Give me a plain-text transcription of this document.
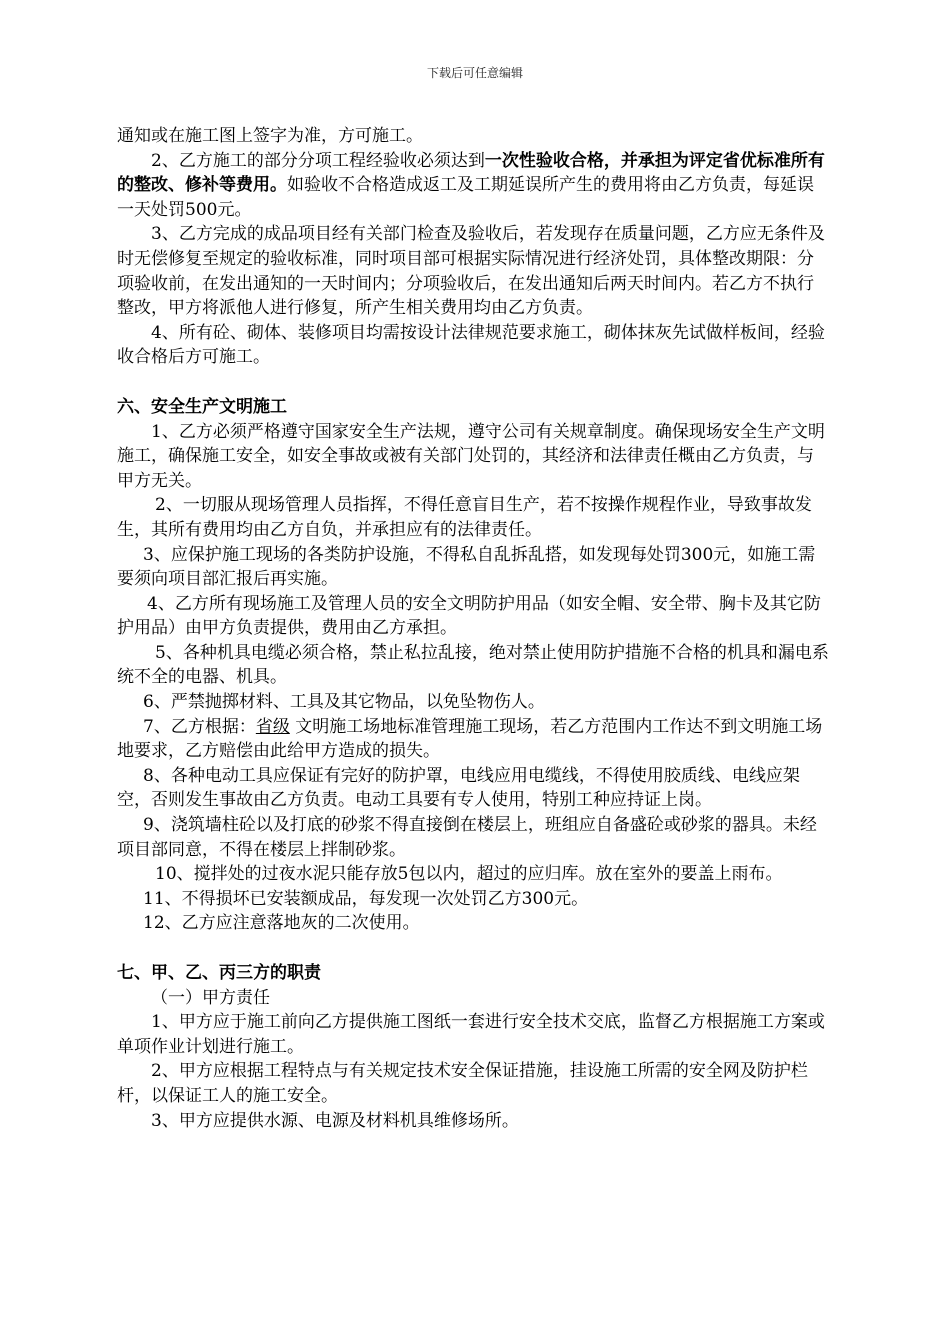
下载后可任意编辑

通知或在施工图上签字为准，方可施工。

2、乙方施工的部分分项工程经验收必须达到一次性验收合格，并承担为评定省优标准所有的整改、修补等费用。如验收不合格造成返工及工期延误所产生的费用将由乙方负责，每延误一天处罚500元。

3、乙方完成的成品项目经有关部门检查及验收后，若发现存在质量问题，乙方应无条件及时无偿修复至规定的验收标准，同时项目部可根据实际情况进行经济处罚，具体整改期限：分项验收前，在发出通知的一天时间内；分项验收后，在发出通知后两天时间内。若乙方不执行整改，甲方将派他人进行修复，所产生相关费用均由乙方负责。

4、所有砼、砌体、装修项目均需按设计法律规范要求施工，砌体抹灰先试做样板间，经验收合格后方可施工。

六、安全生产文明施工

1、乙方必须严格遵守国家安全生产法规，遵守公司有关规章制度。确保现场安全生产文明施工，确保施工安全，如安全事故或被有关部门处罚的，其经济和法律责任概由乙方负责，与甲方无关。

2、一切服从现场管理人员指挥，不得任意盲目生产，若不按操作规程作业，导致事故发生，其所有费用均由乙方自负，并承担应有的法律责任。

3、应保护施工现场的各类防护设施，不得私自乱拆乱搭，如发现每处罚300元，如施工需要须向项目部汇报后再实施。

4、乙方所有现场施工及管理人员的安全文明防护用品（如安全帽、安全带、胸卡及其它防护用品）由甲方负责提供，费用由乙方承担。

5、各种机具电缆必须合格，禁止私拉乱接，绝对禁止使用防护措施不合格的机具和漏电系统不全的电器、机具。

6、严禁抛掷材料、工具及其它物品，以免坠物伤人。

7、乙方根据：省级 文明施工场地标准管理施工现场，若乙方范围内工作达不到文明施工场地要求，乙方赔偿由此给甲方造成的损失。

8、各种电动工具应保证有完好的防护罩，电线应用电缆线，不得使用胶质线、电线应架空，否则发生事故由乙方负责。电动工具要有专人使用，特别工种应持证上岗。

9、浇筑墙柱砼以及打底的砂浆不得直接倒在楼层上，班组应自备盛砼或砂浆的器具。未经项目部同意，不得在楼层上拌制砂浆。

10、搅拌处的过夜水泥只能存放5包以内，超过的应归库。放在室外的要盖上雨布。

11、不得损坏已安装额成品，每发现一次处罚乙方300元。

12、乙方应注意落地灰的二次使用。

七、甲、乙、丙三方的职责

（一）甲方责任

1、甲方应于施工前向乙方提供施工图纸一套进行安全技术交底，监督乙方根据施工方案或单项作业计划进行施工。

2、甲方应根据工程特点与有关规定技术安全保证措施，挂设施工所需的安全网及防护栏杆，以保证工人的施工安全。

3、甲方应提供水源、电源及材料机具维修场所。
